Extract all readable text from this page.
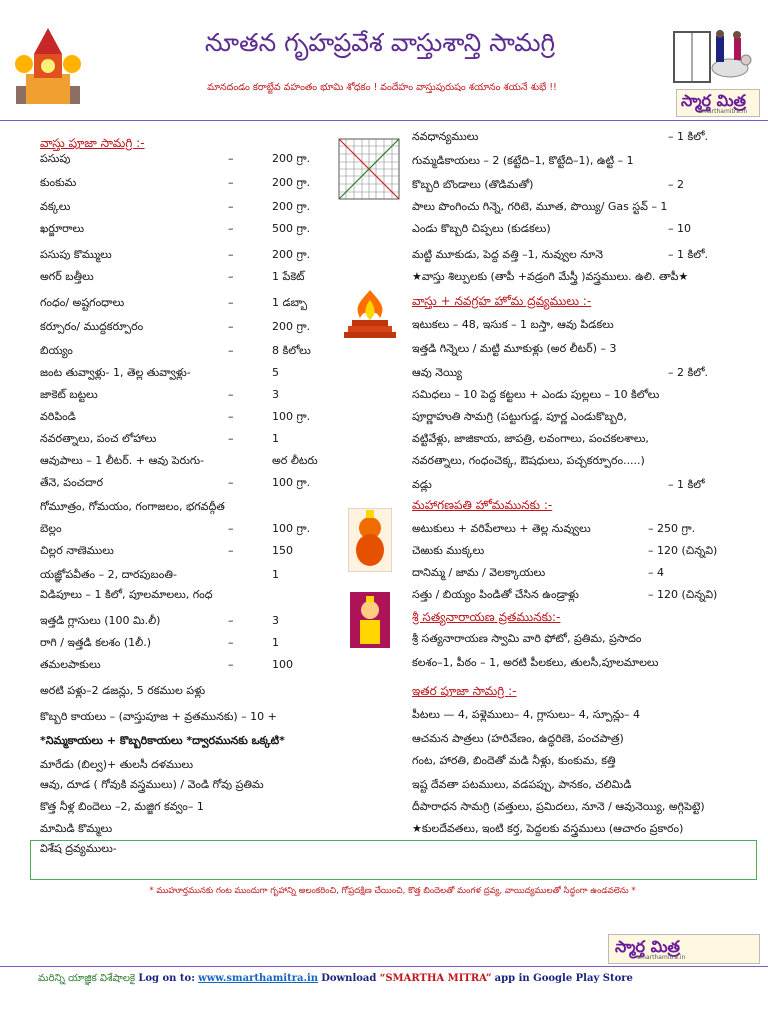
నూతన గృహప్రవేశ వాస్తుశాన్తి సామగ్రి
మానదండం కరాబ్జేవ వహంతం భూమి శోధకం ! వందేహం వాస్తుపురుషం శయానం శయనే శుభే !!
స్మార్త మిత్ర
smarthamitra.in
వాస్తు పూజా సామగ్రి :-
పసుపు	–	200 గ్రా.
కుంకుమ	–	200 గ్రా.
వక్కలు	–	200 గ్రా.
ఖర్జూరాలు	–	500 గ్రా.
పసుపు కొమ్ములు	–	200 గ్రా.
అగర్ బత్తీలు	–	1 పేకెట్
గంధం/ అష్టగంధాలు	–	1 డబ్బా
కర్పూరం/ ముద్దకర్పూరం	–	200 గ్రా.
బియ్యం	–	8 కిలోలు
జంట తువ్వాళ్లు- 1, తెల్ల తువ్వాళ్లు-	5
జాకెట్ బట్టలు	–	3
వరిపిండి	–	100 గ్రా.
నవరత్నాలు, పంచ లోహాలు	–	1
ఆవుపాలు – 1 లీటర్. + ఆవు పెరుగు-	అర లీటరు
తేనె, పంచదార	–	100 గ్రా.
గోమూత్రం, గోమయం, గంగాజలం, భగవద్గీత
బెల్లం	–	100 గ్రా.
చిల్లర నాణెములు	–	150
యజ్ఞోపవీతం – 2, దారపుబంతి-	1
విడిపూలు – 1 కిలో, పూలమాలలు, గంధ
ఇత్తడి గ్లాసులు (100 మి.లీ)	–	3
రాగి / ఇత్తడి కలశం (1లీ.)	–	1
తమలపాకులు	–	100
అరటి పళ్లు–2 డజన్లు, 5 రకముల పళ్లు
కొబ్బరి కాయలు – (వాస్తుపూజ + వ్రతమునకు) – 10 +
*నిమ్మకాయలు + కొబ్బరికాయలు *ద్వారమునకు ఒక్కటి*
మారేడు (బిల్వ)+ తులసీ దళములు
ఆవు, దూడ ( గోవుకి వస్త్రములు) / వెండి గోవు ప్రతిమ
కొత్త నీళ్ల బిందెలు –2, మజ్జిగ కవ్వం– 1
మామిడి కొమ్మలు
నవధాన్యములు	– 1 కిలో.
గుమ్మడికాయలు – 2 (కట్టేది–1, కొట్టేది–1), ఉట్టి – 1
కొబ్బరి బొండాలు (తొడిమతో)	– 2
పాలు పొంగించు గిన్నె, గరిటె, మూత, పొయ్యి/ Gas స్టవ్ – 1
ఎండు కొబ్బరి చిప్పలు (కుడకలు)	– 10
మట్టి మూకుడు, పెద్ద వత్తి –1, నువ్వుల నూనె	– 1 కిలో.
★వాస్తు శిల్పులకు (తాపీ +వడ్రంగి మేస్త్రీ )వస్త్రములు. ఉలి. తాపీ★
వాస్తు + నవగ్రహ హోమ ద్రవ్యములు :-
ఇటుకలు – 48, ఇసుక – 1 బస్తా, ఆవు పిడకలు
ఇత్తడి గిన్నెలు / మట్టి మూకుళ్లు (అర లీటర్) – 3
ఆవు నెయ్యి	– 2 కిలో.
సమిధలు – 10 పెద్ద కట్టలు + ఎండు పుల్లలు – 10 కిలోలు
పూర్ణాహుతి సామగ్రి (పట్టుగుడ్డ, పూర్ణ ఎండుకొబ్బరి,
వట్టివేళ్లు, జాజికాయ, జాపత్రి, లవంగాలు, పంచకలశాలు,
నవరత్నాలు, గంధంచెక్క, ఔషధులు, పచ్చకర్పూరం.....)
వడ్లు	– 1 కిలో
మహాగణపతి హోమమునకు :-
అటుకులు + వరిపేలాలు + తెల్ల నువ్వులు	– 250 గ్రా.
చెఱుకు ముక్కలు	– 120 (చిన్నవి)
దానిమ్మ / జామ / వెలక్కాయలు	– 4
సత్తు / బియ్యం పిండితో చేసిన ఉండ్రాళ్లు	– 120 (చిన్నవి)
శ్రీ సత్యనారాయణ వ్రతమునకు:-
శ్రీ సత్యనారాయణ స్వామి వారి ఫోటో, ప్రతిమ, ప్రసాదం
కలశం–1, పీఠం – 1, అరటి పీలకలు, తులసీ,పూలమాలలు
ఇతర పూజా సామగ్రి :-
పీటలు — 4, పళ్లెములు– 4, గ్లాసులు– 4, స్పూన్లు– 4
ఆచమన పాత్రలు (హరివేణం, ఉద్ధరిణె, పంచపాత్ర)
గంట, హారతి, బిందెతో మడి నీళ్లు, కుంకుమ, కత్తి
ఇష్ట దేవతా పటములు, వడపప్పు, పానకం, చలిమిడి
దీపారాధన సామగ్రి (వత్తులు, ప్రమిదలు, నూనె / ఆవునెయ్యి, అగ్గిపెట్టె)
★కులదేవతలు, ఇంటి కర్త, పెద్దలకు వస్త్రములు (ఆచారం ప్రకారం)
విశేష ద్రవ్యములు-
* ముహూర్తమునకు గంట ముందుగా గృహాన్ని అలంకరించి, గోప్రదక్షిణ చేయించి, కొత్త బిందెలతో మంగళ ద్రవ్య, వాయిద్యములతో సిద్ధంగా ఉండవలెను *
స్మార్త మిత్ర
smarthamitra.in
మరిన్ని యాజ్ఞిక విశేషాలకై Log on to: www.smarthamitra.in Download “SMARTHA MITRA” app in Google Play Store
